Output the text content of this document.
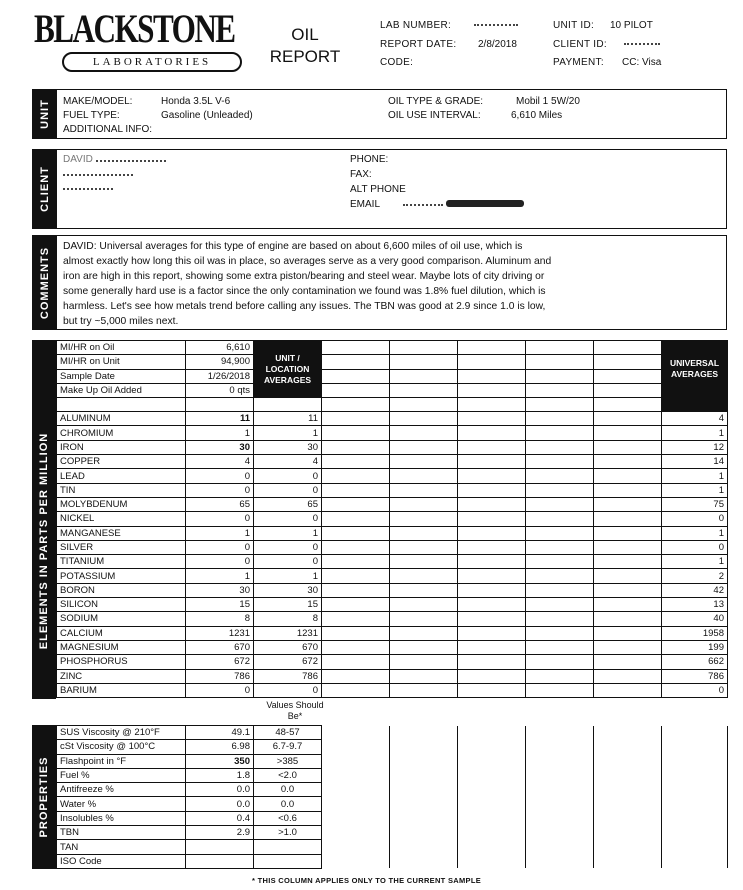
BLACKSTONE
LABORATORIES
OIL
REPORT
LAB NUMBER:
REPORT DATE: 2/8/2018
CODE:
UNIT ID: 10 PILOT
CLIENT ID:
PAYMENT: CC: Visa
UNIT MAKE/MODEL:	Honda 3.5L V-6
FUEL TYPE:	Gasoline (Unleaded)
ADDITIONAL INFO:
OIL TYPE & GRADE:	Mobil 1 5W/20
OIL USE INTERVAL:	6,610 Miles
CLIENT
DAVID	PHONE:
FAX:
ALT PHONE
EMAIL

COMMENTS DAVID: Universal averages for this type of engine are based on about 6,600 miles of oil use, which is
almost exactly how long this oil was in place, so averages serve as a very good comparison. Aluminum and
iron are high in this report, showing some extra piston/bearing and steel wear. Maybe lots of city driving or
some generally hard use is a factor since the only contamination we found was 1.8% fuel dilution, which is
harmless. Let's see how metals trend before calling any issues. The TBN was good at 2.9 since 1.0 is low,
but try ~5,000 miles next.
ELEMENTS IN PARTS PER MILLION
MI/HR on Oil	6,610	UNIT / LOCATION AVERAGES						UNIVERSAL AVERAGES
MI/HR on Unit	94,900							
Sample Date	1/26/2018							
Make Up Oil Added	0 qts							

ALUMINUM	11	11						4
CHROMIUM	1	1						1
IRON	30	30						12
COPPER	4	4						14
LEAD	0	0						1
TIN	0	0						1
MOLYBDENUM	65	65						75
NICKEL	0	0						0
MANGANESE	1	1						1
SILVER	0	0						0
TITANIUM	0	0						1
POTASSIUM	1	1						2
BORON	30	30						42
SILICON	15	15						13
SODIUM	8	8						40
CALCIUM	1231	1231						1958
MAGNESIUM	670	670						199
PHOSPHORUS	672	672						662
ZINC	786	786						786
BARIUM	0	0						0
Values Should Be*
PROPERTIES
SUS Viscosity @ 210°F	49.1	48-57						
cSt Viscosity @ 100°C	6.98	6.7-9.7						
Flashpoint in °F	350	>385						
Fuel %	1.8	<2.0						
Antifreeze %	0.0	0.0						
Water %	0.0	0.0						
Insolubles %	0.4	<0.6						
TBN	2.9	>1.0						
TAN								
ISO Code								
* THIS COLUMN APPLIES ONLY TO THE CURRENT SAMPLE
